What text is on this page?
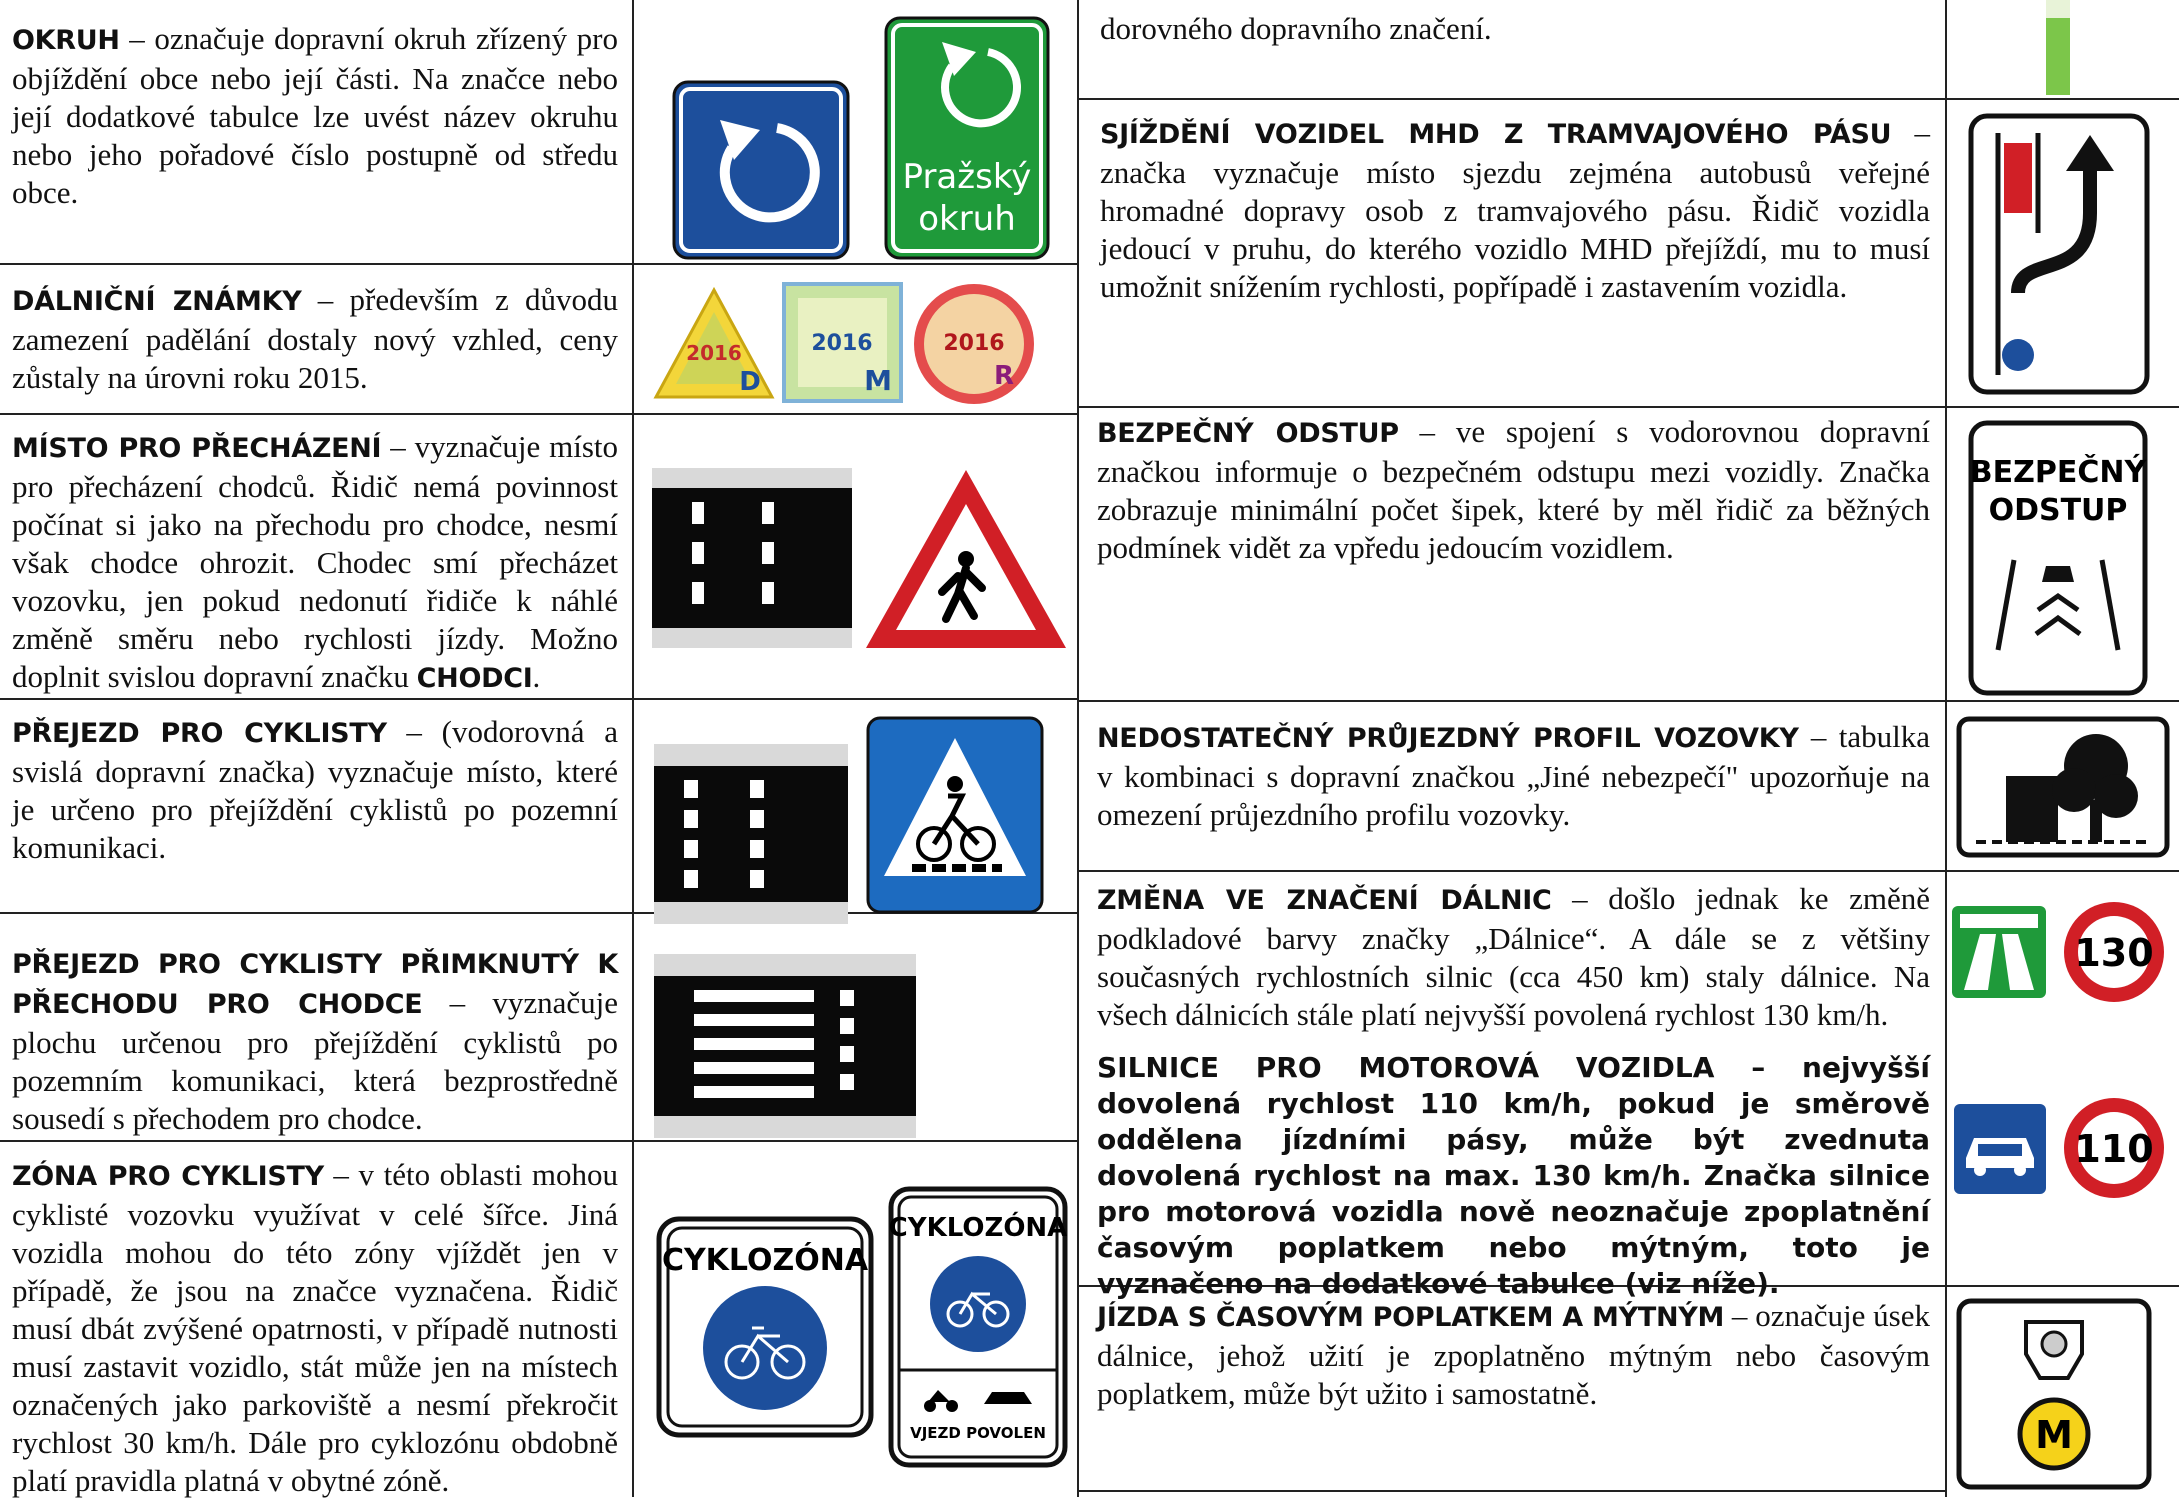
OKRUH – označuje dopravní okruh zřízený pro objíždění obce nebo její části. Na značce nebo její dodatkové tabulce lze uvést název okruhu nebo jeho pořadové číslo postupně od středu obce.
DÁLNIČNÍ ZNÁMKY – především z důvodu zamezení padělání dostaly nový vzhled, ceny zůstaly na úrovni roku 2015.
MÍSTO PRO PŘECHÁZENÍ – vyznačuje místo pro přecházení chodců. Řidič nemá povinnost počínat si jako na přechodu pro chodce, nesmí však chodce ohrozit. Chodec smí přecházet vozovku, jen pokud nedonutí řidiče k náhlé změně směru nebo rychlosti jízdy. Možno doplnit svislou dopravní značku CHODCI.
PŘEJEZD PRO CYKLISTY – (vodorovná a svislá dopravní značka) vyznačuje místo, které je určeno pro přejíždění cyklistů po pozemní komunikaci.
PŘEJEZD PRO CYKLISTY PŘIMKNUTÝ K PŘECHODU PRO CHODCE – vyznačuje plochu určenou pro přejíždění cyklistů po pozemním komunikaci, která bezprostředně sousedí s přechodem pro chodce.
ZÓNA PRO CYKLISTY – v této oblasti mohou cyklisté vozovku využívat v celé šířce. Jiná vozidla mohou do této zóny vjíždět jen v případě, že jsou na značce vyznačena. Řidič musí dbát zvýšené opatrnosti, v případě nutnosti musí zastavit vozidlo, stát může jen na místech označených jako parkoviště a nesmí překročit rychlost 30 km/h. Dále pro cyklozónu obdobně platí pravidla platná v obytné zóně.
dorovného dopravního značení.
SJÍŽDĚNÍ VOZIDEL MHD Z TRAMVAJOVÉHO PÁSU – značka vyznačuje místo sjezdu zejména autobusů veřejné hromadné dopravy osob z tramvajového pásu. Řidič vozidla jedoucí v pruhu, do kterého vozidlo MHD přejíždí, mu to musí umožnit snížením rychlosti, popřípadě i zastavením vozidla.
BEZPEČNÝ ODSTUP – ve spojení s vodorovnou dopravní značkou informuje o bezpečném odstupu mezi vozidly. Značka zobrazuje minimální počet šipek, které by měl řidič za běžných podmínek vidět za vpředu jedoucím vozidlem.
NEDOSTATEČNÝ PRŮJEZDNÝ PROFIL VOZOVKY – tabulka v kombinaci s dopravní značkou „Jiné nebezpečí" upozorňuje na omezení průjezdního profilu vozovky.
ZMĚNA VE ZNAČENÍ DÁLNIC – došlo jednak ke změně podkladové barvy značky „Dálnice“. A dále se z většiny současných rychlostních silnic (cca 450 km) staly dálnice. Na všech dálnicích stále platí nejvyšší povolená rychlost 130 km/h.
SILNICE PRO MOTOROVÁ VOZIDLA – nejvyšší dovolená rychlost 110 km/h, pokud je směrově oddělena jízdními pásy, může být zvednuta dovolená rychlost na max. 130 km/h. Značka silnice pro motorová vozidla nově neoznačuje zpoplatnění časovým poplatkem nebo mýtným, toto je vyznačeno na dodatkové tabulce (viz níže).
JÍZDA S ČASOVÝM POPLATKEM A MÝTNÝM – označuje úsek dálnice, jehož užití je zpoplatněno mýtným nebo časovým poplatkem, může být užito i samostatně.
Pražský
okruh
2016
D
2016
M
2016
R
CYKLOZÓNA
CYKLOZÓNA
VJEZD POVOLEN
BEZPEČNÝ
ODSTUP
130
110
M
